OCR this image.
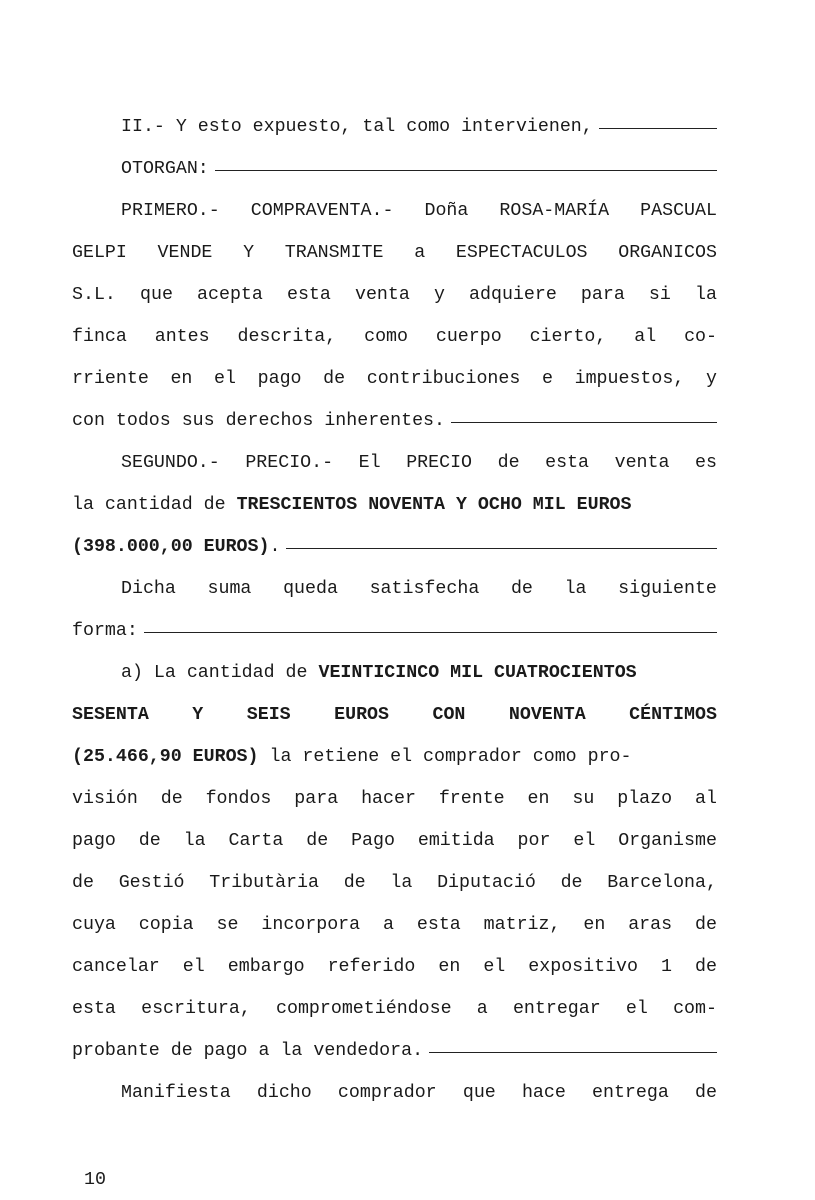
II.- Y esto expuesto, tal como intervienen,
OTORGAN:
PRIMERO.- COMPRAVENTA.- Doña ROSA-MARÍA PASCUAL
GELPI VENDE Y TRANSMITE a ESPECTACULOS ORGANICOS
S.L. que acepta esta venta y adquiere para si la
finca antes descrita, como cuerpo cierto, al co-
rriente en el pago de contribuciones e impuestos, y
con todos sus derechos inherentes.
SEGUNDO.- PRECIO.- El PRECIO de esta venta es
la cantidad de TRESCIENTOS NOVENTA Y OCHO MIL EUROS
(398.000,00 EUROS) .
Dicha suma queda satisfecha de la siguiente
forma:
a) La cantidad de VEINTICINCO MIL CUATROCIENTOS
SESENTA Y SEIS EUROS CON NOVENTA CÉNTIMOS
(25.466,90 EUROS) la retiene el comprador como pro-
visión de fondos para hacer frente en su plazo al
pago de la Carta de Pago emitida por el Organisme
de Gestió Tributària de la Diputació de Barcelona,
cuya copia se incorpora a esta matriz, en aras de
cancelar el embargo referido en el expositivo 1 de
esta escritura, comprometiéndose a entregar el com-
probante de pago a la vendedora.
Manifiesta dicho comprador que hace entrega de
10
